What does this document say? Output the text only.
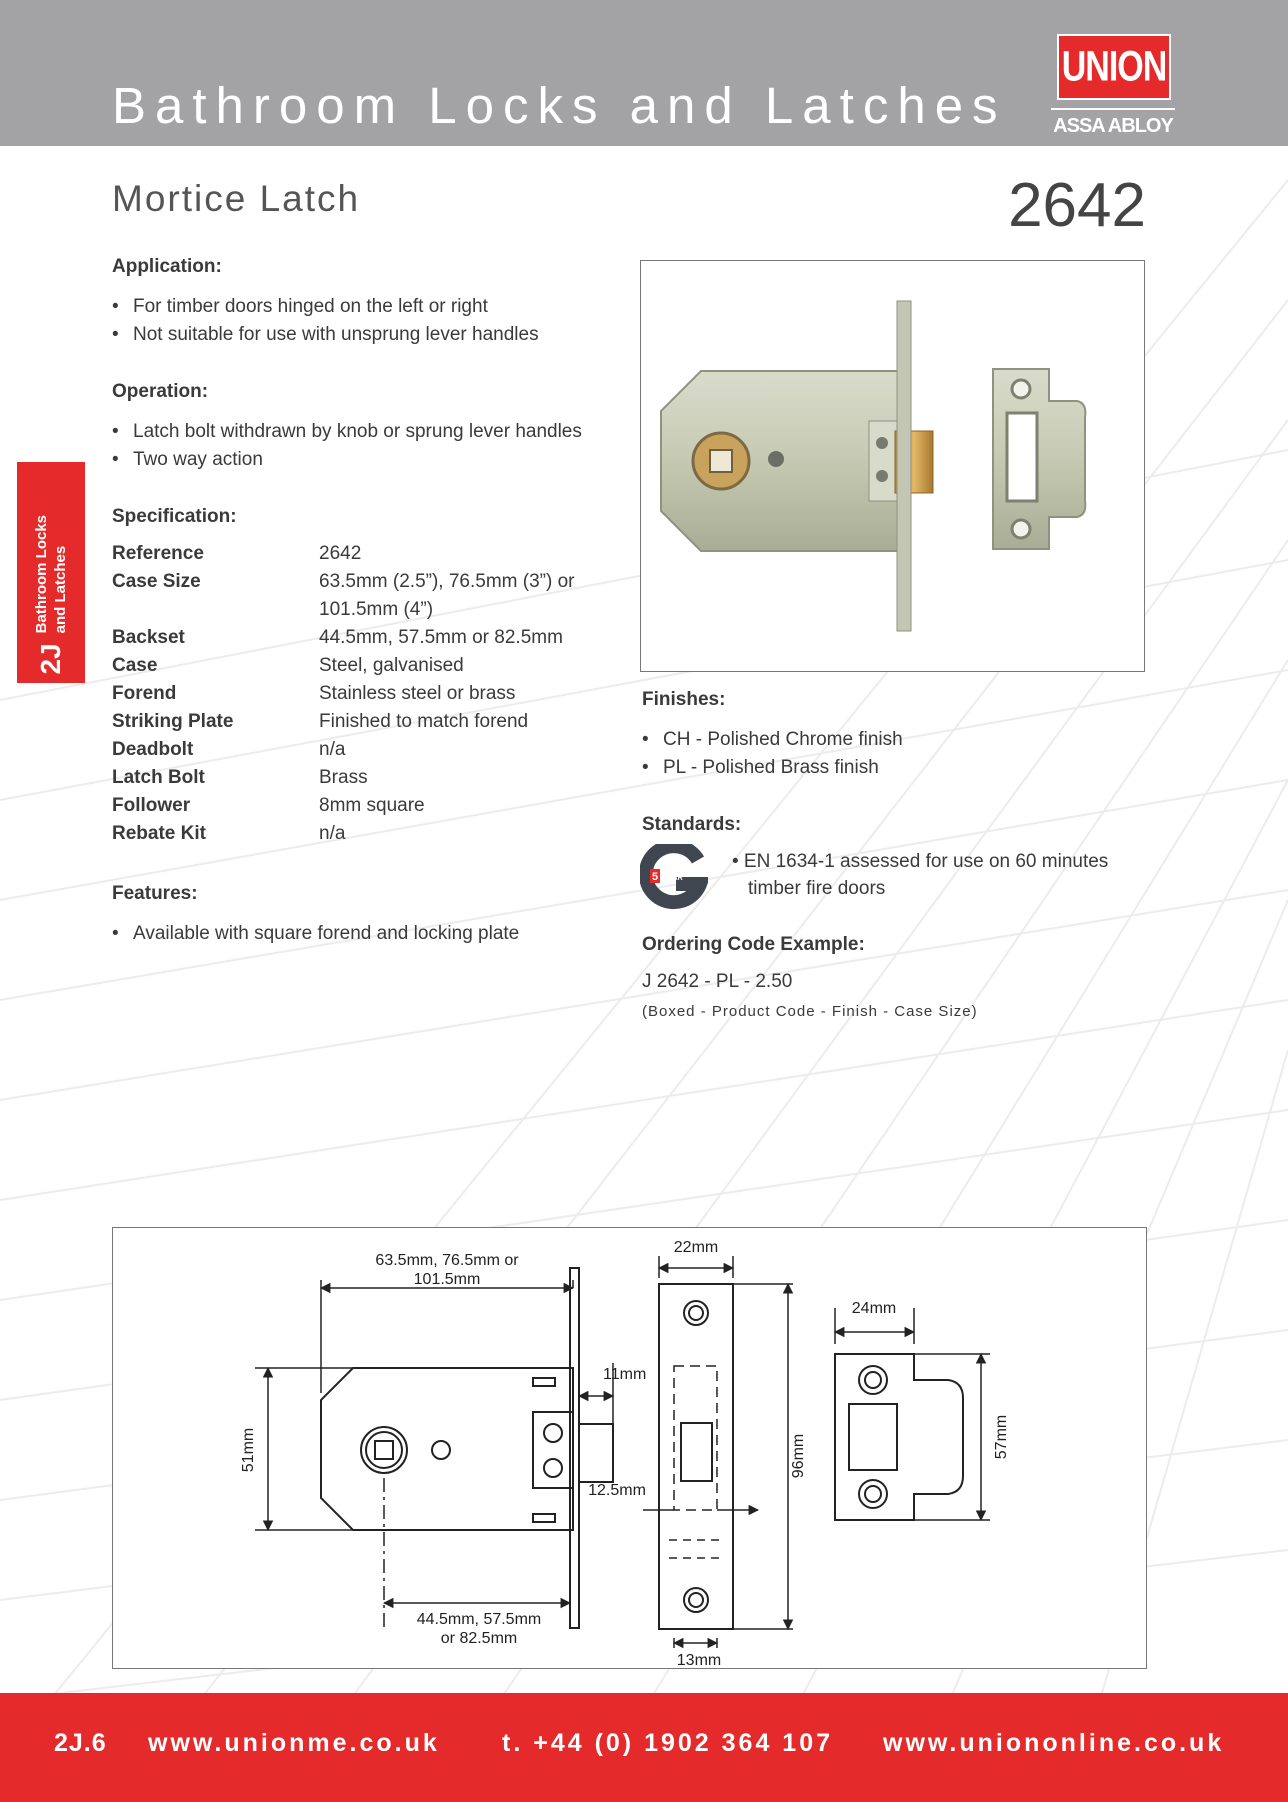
Bathroom Locks and Latches
UNION
ASSA ABLOY
Mortice Latch	2642
2J
Bathroom Locks and Latches
Application:
• For timber doors hinged on the left or right
• Not suitable for use with unsprung lever handles
Operation:
• Latch bolt withdrawn by knob or sprung lever handles
• Two way action
Specification:
Reference	2642
Case Size	63.5mm (2.5”), 76.5mm (3”) or 101.5mm (4”)
Backset	44.5mm, 57.5mm or 82.5mm
Case	Steel, galvanised
Forend	Stainless steel or brass
Striking Plate	Finished to match forend
Deadbolt	n/a
Latch Bolt	Brass
Follower	8mm square
Rebate Kit	n/a
Features:
• Available with square forend and locking plate
Finishes:
• CH - Polished Chrome finish
• PL - Polished Brass finish
Standards:
5 YEAR
• EN 1634-1 assessed for use on 60 minutes
timber fire doors
Ordering Code Example:
J 2642 - PL - 2.50
(Boxed - Product Code - Finish - Case Size)
63.5mm, 76.5mm or
101.5mm
11mm
51mm
44.5mm, 57.5mm
or 82.5mm
22mm
96mm
12.5mm
13mm
24mm
57mm
2J.6 www.unionme.co.uk t. +44 (0) 1902 364 107 www.uniononline.co.uk
